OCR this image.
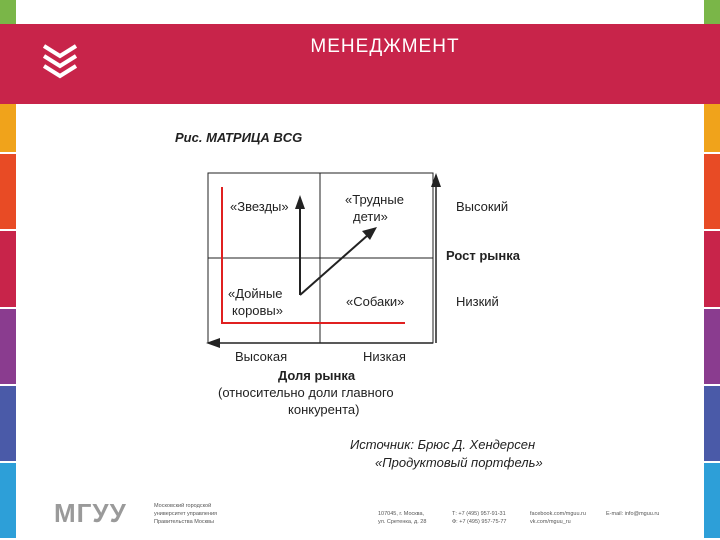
МЕНЕДЖМЕНТ
Рис. МАТРИЦА BCG
«Звезды»	«Трудные
дети»
«Дойные
коровы»
«Собаки»
Высокий
Рост рынка
Низкий
Высокая	Низкая
Доля рынка
(относительно доли главного
конкурента)
Источник: Брюс Д. Хендерсен
«Продуктовый портфель»
МГУУ	Московский городской
университет управления
Правительства Москвы
107045, г. Москва,
ул. Сретенка, д. 28
Т: +7 (495) 957-91-31
Ф: +7 (495) 957-75-77
facebook.com/mguu.ru
vk.com/mguu_ru
E-mail: info@mguu.ru
